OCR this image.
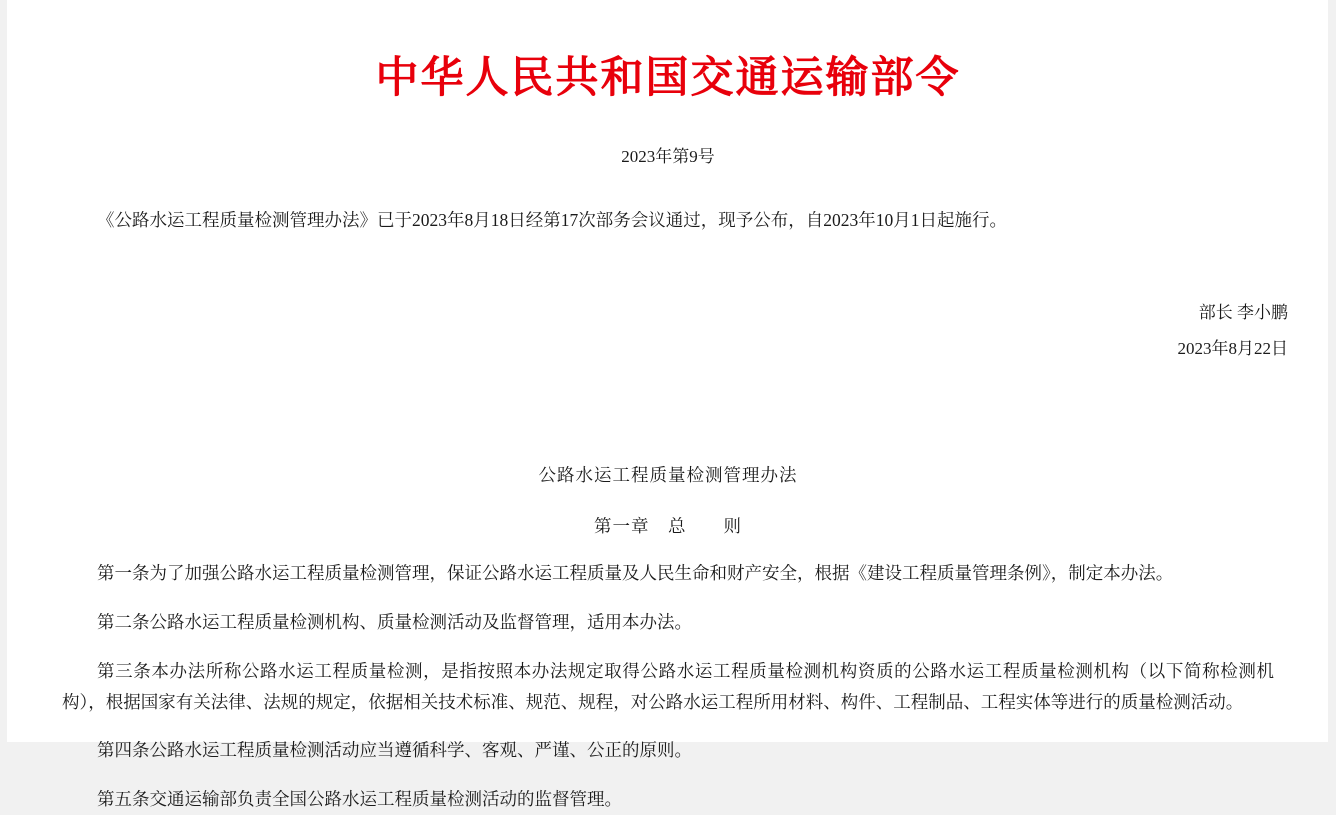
中华人民共和国交通运输部令
2023年第9号

《公路水运工程质量检测管理办法》已于2023年8月18日经第17次部务会议通过，现予公布，自2023年10月1日起施行。

部长 李小鹏
2023年8月22日
公路水运工程质量检测管理办法
第一章　总　　则

第一条为了加强公路水运工程质量检测管理，保证公路水运工程质量及人民生命和财产安全，根据《建设工程质量管理条例》，制定本办法。

第二条公路水运工程质量检测机构、质量检测活动及监督管理，适用本办法。

第三条本办法所称公路水运工程质量检测，是指按照本办法规定取得公路水运工程质量检测机构资质的公路水运工程质量检测机构（以下简称检测机构），根据国家有关法律、法规的规定，依据相关技术标准、规范、规程，对公路水运工程所用材料、构件、工程制品、工程实体等进行的质量检测活动。

第四条公路水运工程质量检测活动应当遵循科学、客观、严谨、公正的原则。

第五条交通运输部负责全国公路水运工程质量检测活动的监督管理。
